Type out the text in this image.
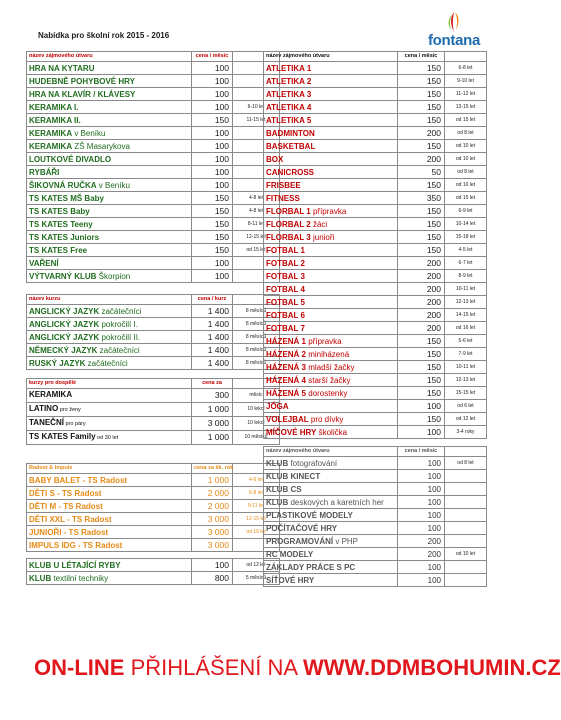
Nabídka pro školní rok 2015 - 2016	fontana
název zájmového útvaru	cena / měsíc	
HRA NA KYTARU	100	
HUDEBNĚ POHYBOVÉ HRY	100	
HRA NA KLAVÍR / KLÁVESY	100	
KERAMIKA I.	100	6-10 let
KERAMIKA II.	150	11-15 let
KERAMIKA v Beníku	100	
KERAMIKA ZŠ Masarykova	100	
LOUTKOVÉ DIVADLO	100	
RYBÁŘI	100	
ŠIKOVNÁ RUČKA v Beníku	100	
TS KATES MŠ Baby	150	4-8 let
TS KATES Baby	150	4-8 let
TS KATES Teeny	150	8-11 let
TS KATES Juniors	150	12-15 let
TS KATES Free	150	od 15 let
VAŘENÍ	100	
VÝTVARNÝ KLUB Škorpion	100	
název kurzu	cena / kurz	
ANGLICKÝ JAZYK začátečníci	1 400	8 měsíců
ANGLICKÝ JAZYK pokročilí I.	1 400	8 měsíců
ANGLICKÝ JAZYK pokročilí II.	1 400	8 měsíců
NĚMECKÝ JAZYK začátečníci	1 400	8 měsíců
RUSKÝ JAZYK začátečníci	1 400	8 měsíců
kurzy pro dospělé	cena za	
KERAMIKA	300	měsíc
LATINO pro ženy	1 000	10 lekcí
TANEČNÍ pro páry	3 000	10 lekcí
TS KATES Family od 30 let	1 000	10 měsíců
Radost & Impuls	cena za šk. rok	
BABY BALET - TS Radost	1 000	4-6 let
DĚTI S - TS Radost	2 000	6-8 let
DĚTI M - TS Radost	2 000	9-11 let
DĚTI XXL - TS Radost	3 000	12-15 let
JUNIOŘI - TS Radost	3 000	od 16 let
IMPULS IDG - TS Radost	3 000	
KLUB U LÉTAJÍCÍ RYBY	100	od 12 let
KLUB textilní techniky	800	5 měsíců
název zájmového útvaru	cena / měsíc	
ATLETIKA 1	150	6-8 let
ATLETIKA 2	150	9-10 let
ATLETIKA 3	150	11-12 let
ATLETIKA 4	150	13-15 let
ATLETIKA 5	150	od 15 let
BADMINTON	200	od 8 let
BASKETBAL	150	od 10 let
BOX	200	od 10 let
CANICROSS	50	od 8 let
FRISBEE	150	od 10 let
FITNESS	350	od 15 let
FLORBAL 1 přípravka	150	6-9 let
FLORBAL 2 žáci	150	10-14 let
FLORBAL 3 junioři	150	15-18 let
FOTBAL 1	150	4-5 let
FOTBAL 2	200	6-7 let
FOTBAL 3	200	8-9 let
FOTBAL 4	200	10-11 let
FOTBAL 5	200	12-13 let
FOTBAL 6	200	14-15 let
FOTBAL 7	200	od 16 let
HÁZENÁ 1 přípravka	150	5-6 let
HÁZENÁ 2 miniházená	150	7-9 let
HÁZENÁ 3 mladší žačky	150	10-11 let
HÁZENÁ 4 starší žačky	150	12-13 let
HÁZENÁ 5 dorostenky	150	15-15 let
JÓGA	100	od 6 let
VOLEJBAL pro dívky	150	od 12 let
MÍČOVÉ HRY školička	100	3-4 roky
název zájmového útvaru	cena / měsíc	
KLUB fotografování	100	od 8 let
KLUB KINECT	100	
KLUB CS	100	
KLUB deskových a karetních her	100	
PLASTIKOVÉ MODELY	100	
POČÍTAČOVÉ HRY	100	
PROGRAMOVÁNÍ v PHP	200	
RC MODELY	200	od 10 let
ZÁKLADY PRÁCE S PC	100	
SÍŤOVÉ HRY	100	
ON-LINE PŘIHLÁŠENÍ NA WWW.DDMBOHUMIN.CZ
